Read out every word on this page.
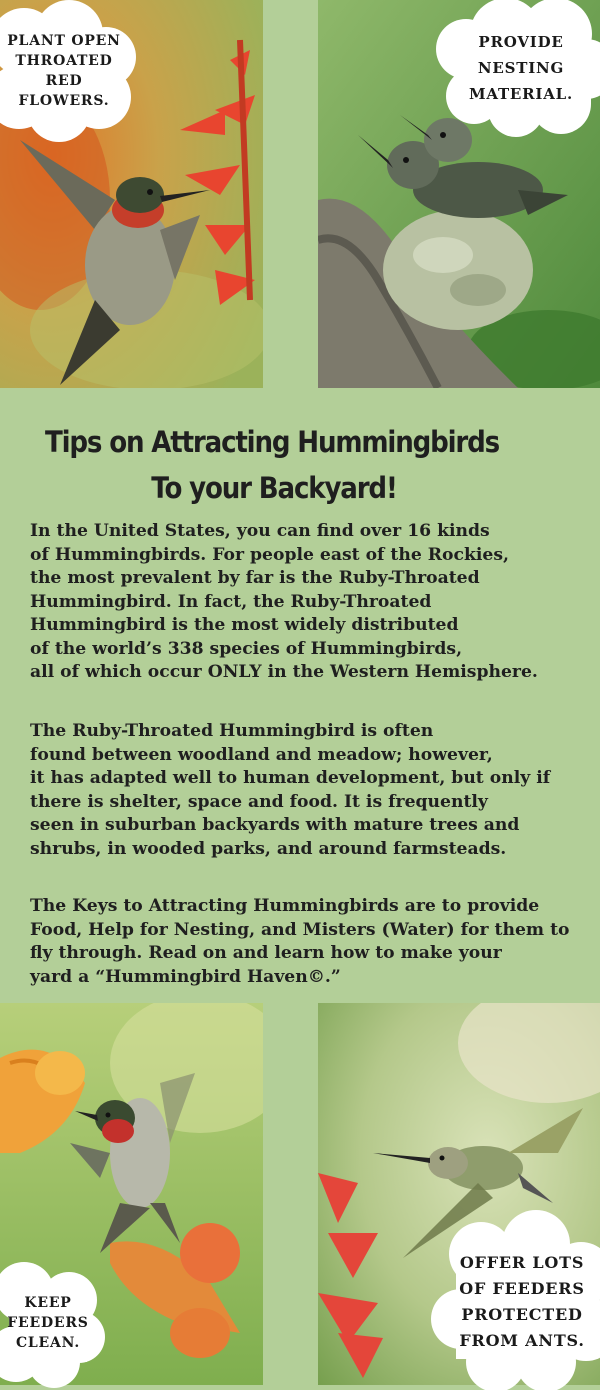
PLANT OPEN
THROATED
RED
FLOWERS.
PROVIDE
NESTING
MATERIAL.
KEEP
FEEDERS
CLEAN.
OFFER LOTS
OF FEEDERS
PROTECTED
FROM ANTS.
Tips on Attracting Hummingbirds
To your Backyard!
In the United States, you can find over 16 kinds
of Hummingbirds. For people east of the Rockies,
the most prevalent by far is the Ruby-Throated
Hummingbird. In fact, the Ruby-Throated
Hummingbird is the most widely distributed
of the world’s 338 species of Hummingbirds,
all of which occur ONLY in the Western Hemisphere.
The Ruby-Throated Hummingbird is often
found between woodland and meadow; however,
it has adapted well to human development, but only if
there is shelter, space and food. It is frequently
seen in suburban backyards with mature trees and
shrubs, in wooded parks, and around farmsteads.
The Keys to Attracting Hummingbirds are to provide
Food, Help for Nesting, and Misters (Water) for them to
fly through. Read on and learn how to make your
yard a “Hummingbird Haven©.”
